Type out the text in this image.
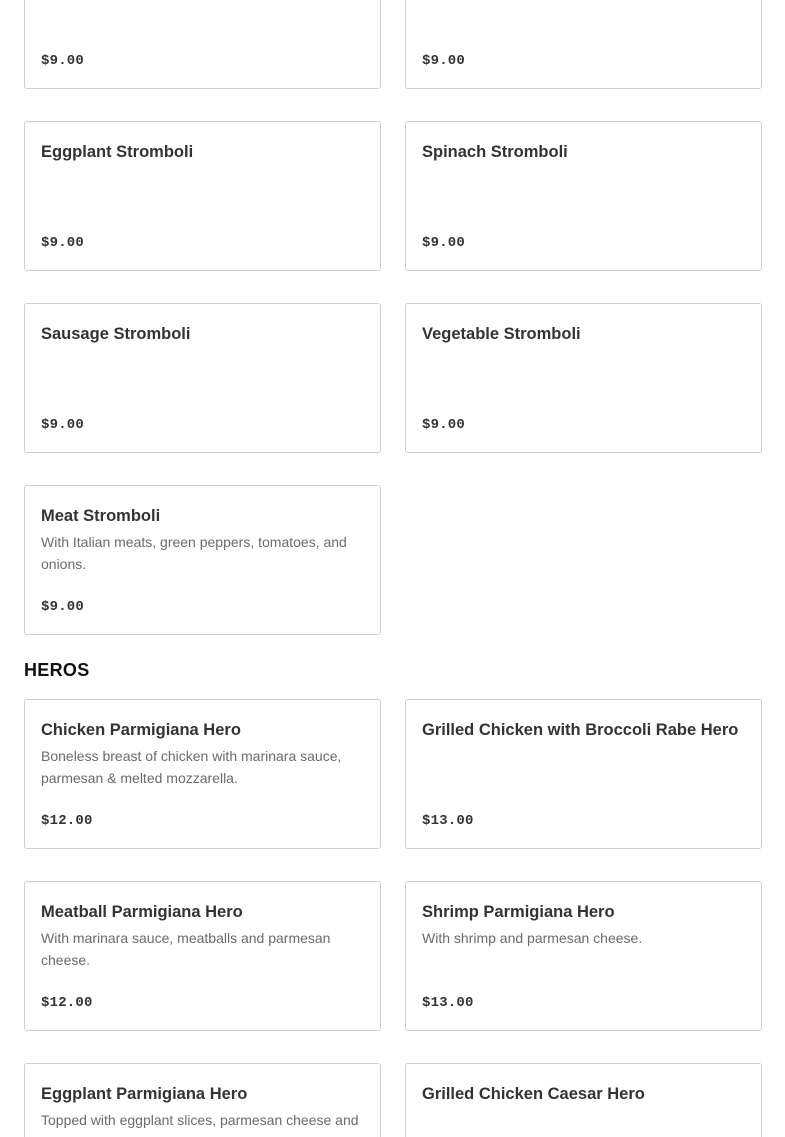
$9.00	$9.00
Eggplant Stromboli
$9.00
Spinach Stromboli
$9.00
Sausage Stromboli
$9.00
Vegetable Stromboli
$9.00
Meat Stromboli
With Italian meats, green peppers, tomatoes, and onions.
$9.00
HEROS
Chicken Parmigiana Hero
Boneless breast of chicken with marinara sauce, parmesan & melted mozzarella.
$12.00
Grilled Chicken with Broccoli Rabe Hero
$13.00
Meatball Parmigiana Hero
With marinara sauce, meatballs and parmesan cheese.
$12.00
Shrimp Parmigiana Hero
With shrimp and parmesan cheese.
$13.00
Eggplant Parmigiana Hero
Topped with eggplant slices, parmesan cheese and
Grilled Chicken Caesar Hero
